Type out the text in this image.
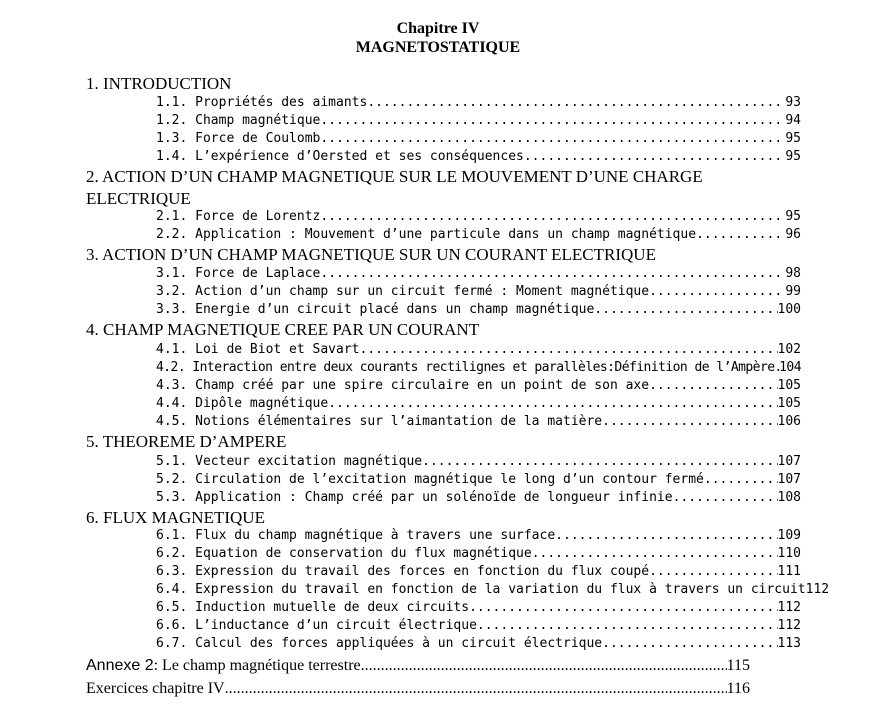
Chapitre IV
MAGNETOSTATIQUE
1. INTRODUCTION
1.1. Propriétés des aimants .....	93
1.2. Champ magnétique .....	94
1.3. Force de Coulomb .....	95
1.4. L’expérience d’Oersted et ses conséquences .....	95
2. ACTION D’UN CHAMP MAGNETIQUE SUR LE MOUVEMENT D’UNE CHARGE ELECTRIQUE
2.1. Force de Lorentz .....	95
2.2. Application : Mouvement d’une particule dans un champ magnétique .....	96
3. ACTION D’UN CHAMP MAGNETIQUE SUR UN COURANT ELECTRIQUE
3.1. Force de Laplace .....	98
3.2. Action d’un champ sur un circuit fermé : Moment magnétique .....	99
3.3. Energie d’un circuit placé dans un champ magnétique .....	100
4. CHAMP MAGNETIQUE CREE PAR UN COURANT
4.1. Loi de Biot et Savart .....	102
4.2. Interaction entre deux courants rectilignes et parallèles:Définition de l’Ampère ..... 104
4.3. Champ créé par une spire circulaire en un point de son axe .....	105
4.4. Dipôle magnétique .....	105
4.5. Notions élémentaires sur l’aimantation de la matière .....	106
5. THEOREME D’AMPERE
5.1. Vecteur excitation magnétique .....	107
5.2. Circulation de l’excitation magnétique le long d’un contour fermé .....	107
5.3. Application : Champ créé par un solénoïde de longueur infinie .....	108
6. FLUX MAGNETIQUE
6.1. Flux du champ magnétique à travers une surface .....	109
6.2. Equation de conservation du flux magnétique .....	110
6.3. Expression du travail des forces en fonction du flux coupé .....	111
6.4. Expression du travail en fonction de la variation du flux à travers un circuit 112
6.5. Induction mutuelle de deux circuits .....	112
6.6. L’inductance d’un circuit électrique .....	112
6.7. Calcul des forces appliquées à un circuit électrique .....	113
Annexe 2: Le champ magnétique terrestre .....	115
Exercices chapitre IV .....	116
